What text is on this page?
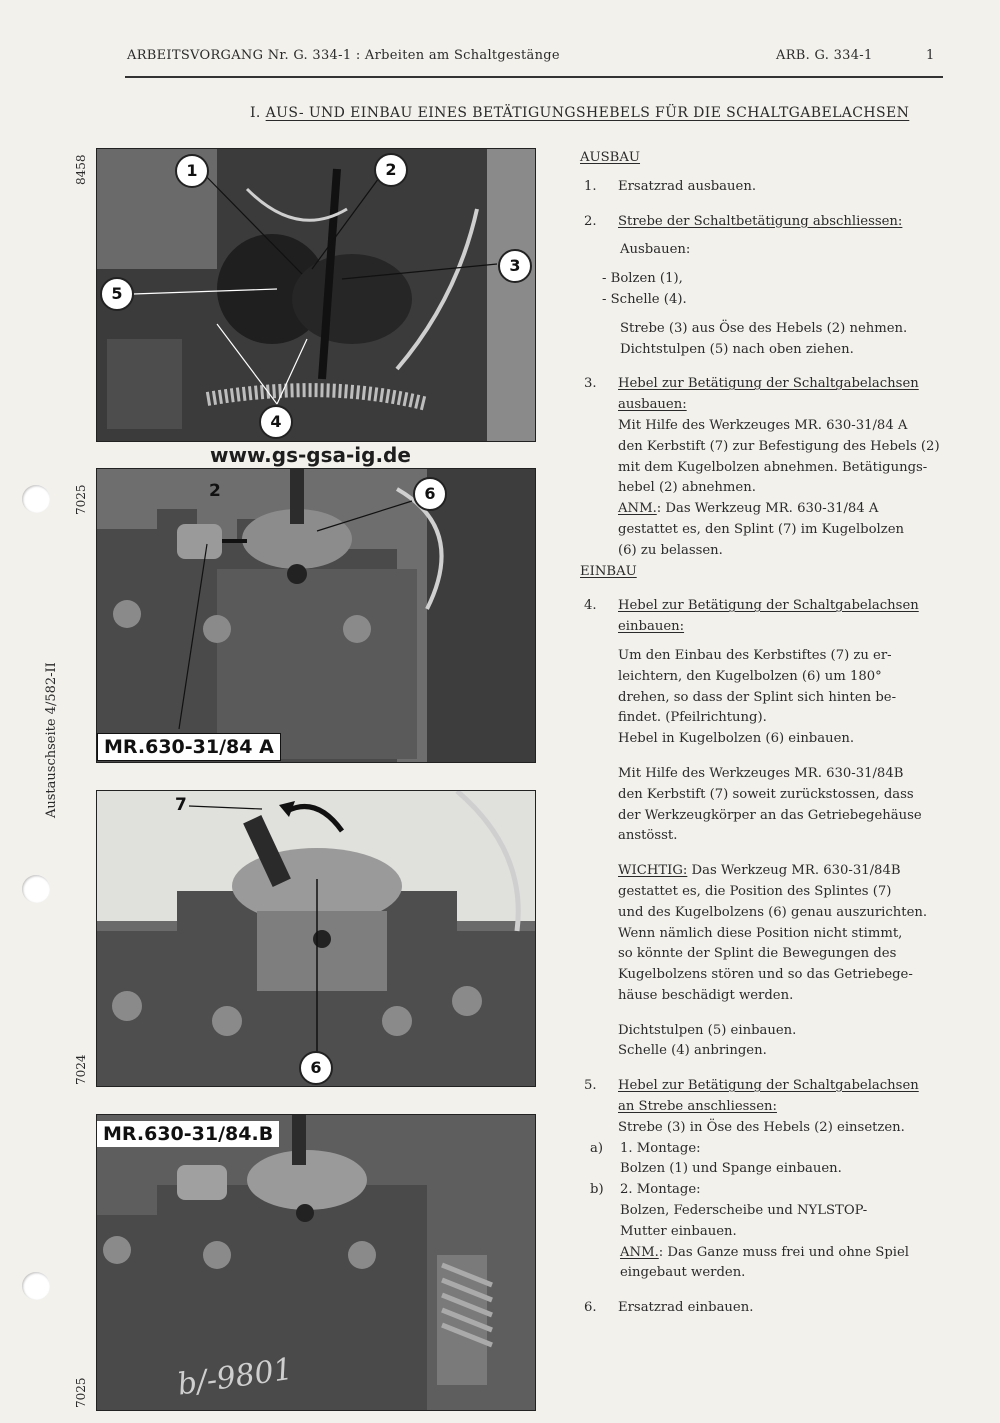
ARBEITSVORGANG Nr. G. 334-1 : Arbeiten am Schaltgestänge	ARB. G. 334-1	1
I. AUS- UND EINBAU EINES BETÄTIGUNGSHEBELS FÜR DIE SCHALTGABELACHSEN
8458
7025
7024
7025
Austauschseite 4/582-II
1	2
3
4
5
www.gs-gsa-ig.de
2	6
MR.630-31/84 A
7
6
b/-9801
MR.630-31/84.B

AUSBAU

1. Ersatzrad ausbauen.

2. Strebe der Schaltbetätigung abschliessen:

Ausbauen:

- Bolzen (1),

- Schelle (4).

Strebe (3) aus Öse des Hebels (2) nehmen.

Dichtstulpen (5) nach oben ziehen.

3. Hebel zur Betätigung der Schaltgabelachsen

ausbauen:

Mit Hilfe des Werkzeuges MR. 630-31/84 A

den Kerbstift (7) zur Befestigung des Hebels (2)

mit dem Kugelbolzen abnehmen. Betätigungs-

hebel (2) abnehmen.

ANM.: Das Werkzeug MR. 630-31/84 A

gestattet es, den Splint (7) im Kugelbolzen

(6) zu belassen.

EINBAU

4. Hebel zur Betätigung der Schaltgabelachsen

einbauen:

Um den Einbau des Kerbstiftes (7) zu er-

leichtern, den Kugelbolzen (6) um 180°

drehen, so dass der Splint sich hinten be-

findet. (Pfeilrichtung).

Hebel in Kugelbolzen (6) einbauen.

Mit Hilfe des Werkzeuges MR. 630-31/84B

den Kerbstift (7) soweit zurückstossen, dass

der Werkzeugkörper an das Getriebegehäuse

anstösst.

WICHTIG: Das Werkzeug MR. 630-31/84B

gestattet es, die Position des Splintes (7)

und des Kugelbolzens (6) genau auszurichten.

Wenn nämlich diese Position nicht stimmt,

so könnte der Splint die Bewegungen des

Kugelbolzens stören und so das Getriebege-

häuse beschädigt werden.

Dichtstulpen (5) einbauen.

Schelle (4) anbringen.

5. Hebel zur Betätigung der Schaltgabelachsen

an Strebe anschliessen:

Strebe (3) in Öse des Hebels (2) einsetzen.

a) 1. Montage:

Bolzen (1) und Spange einbauen.

b) 2. Montage:

Bolzen, Federscheibe und NYLSTOP-

Mutter einbauen.

ANM.: Das Ganze muss frei und ohne Spiel

eingebaut werden.

6. Ersatzrad einbauen.
